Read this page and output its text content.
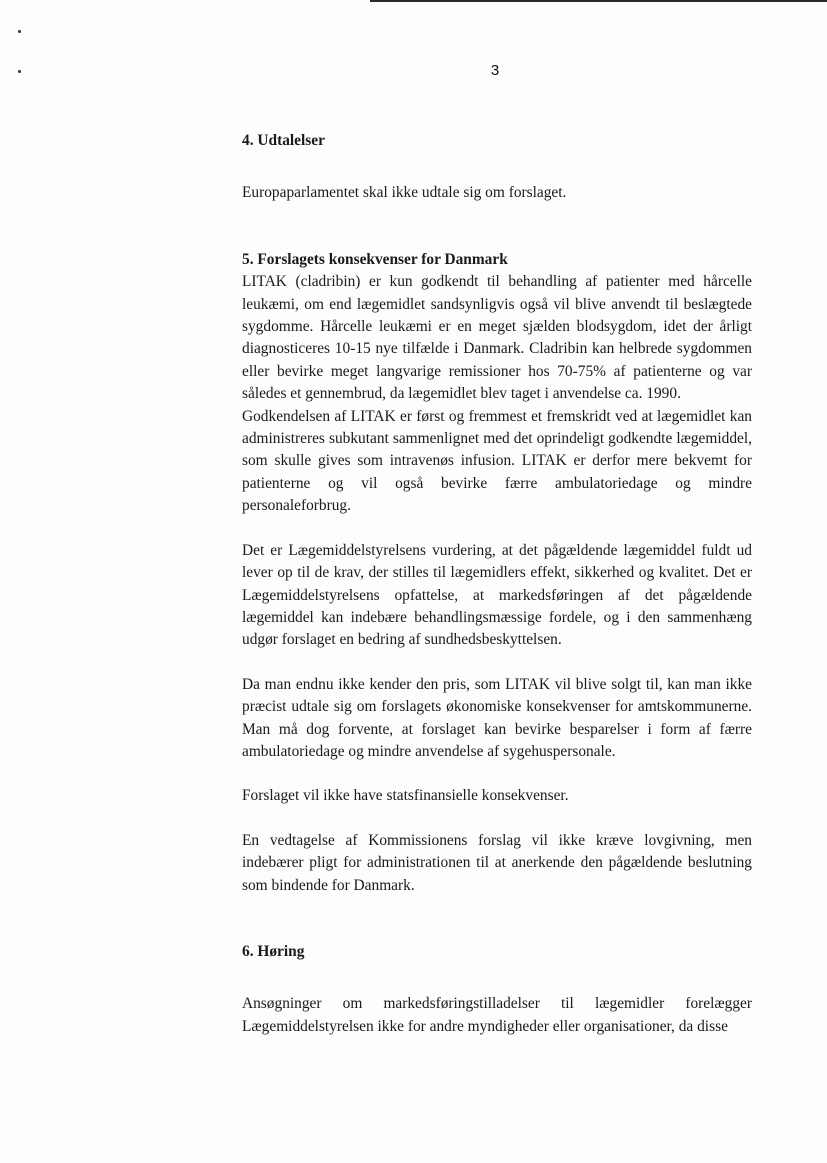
3
4. Udtalelser

Europaparlamentet skal ikke udtale sig om forslaget.

5. Forslagets konsekvenser for Danmark

LITAK (cladribin) er kun godkendt til behandling af patienter med hårcelle leukæmi, om end lægemidlet sandsynligvis også vil blive anvendt til beslægtede sygdomme. Hårcelle leukæmi er en meget sjælden blodsygdom, idet der årligt diagnosticeres 10-15 nye tilfælde i Danmark. Cladribin kan helbrede sygdommen eller bevirke meget langvarige remissioner hos 70-75% af patienterne og var således et gennembrud, da lægemidlet blev taget i anvendelse ca. 1990.

Godkendelsen af LITAK er først og fremmest et fremskridt ved at lægemidlet kan administreres subkutant sammenlignet med det oprindeligt godkendte lægemiddel, som skulle gives som intravenøs infusion. LITAK er derfor mere bekvemt for patienterne og vil også bevirke færre ambulatoriedage og mindre personaleforbrug.

Det er Lægemiddelstyrelsens vurdering, at det pågældende lægemiddel fuldt ud lever op til de krav, der stilles til lægemidlers effekt, sikkerhed og kvalitet. Det er Lægemiddelstyrelsens opfattelse, at markedsføringen af det pågældende lægemiddel kan indebære behandlingsmæssige fordele, og i den sammenhæng udgør forslaget en bedring af sundhedsbeskyttelsen.

Da man endnu ikke kender den pris, som LITAK vil blive solgt til, kan man ikke præcist udtale sig om forslagets økonomiske konsekvenser for amtskommunerne. Man må dog forvente, at forslaget kan bevirke besparelser i form af færre ambulatoriedage og mindre anvendelse af sygehuspersonale.

Forslaget vil ikke have statsfinansielle konsekvenser.

En vedtagelse af Kommissionens forslag vil ikke kræve lovgivning, men indebærer pligt for administrationen til at anerkende den pågældende beslutning som bindende for Danmark.

6. Høring

Ansøgninger om markedsføringstilladelser til lægemidler forelægger Lægemiddelstyrelsen ikke for andre myndigheder eller organisationer, da disse
